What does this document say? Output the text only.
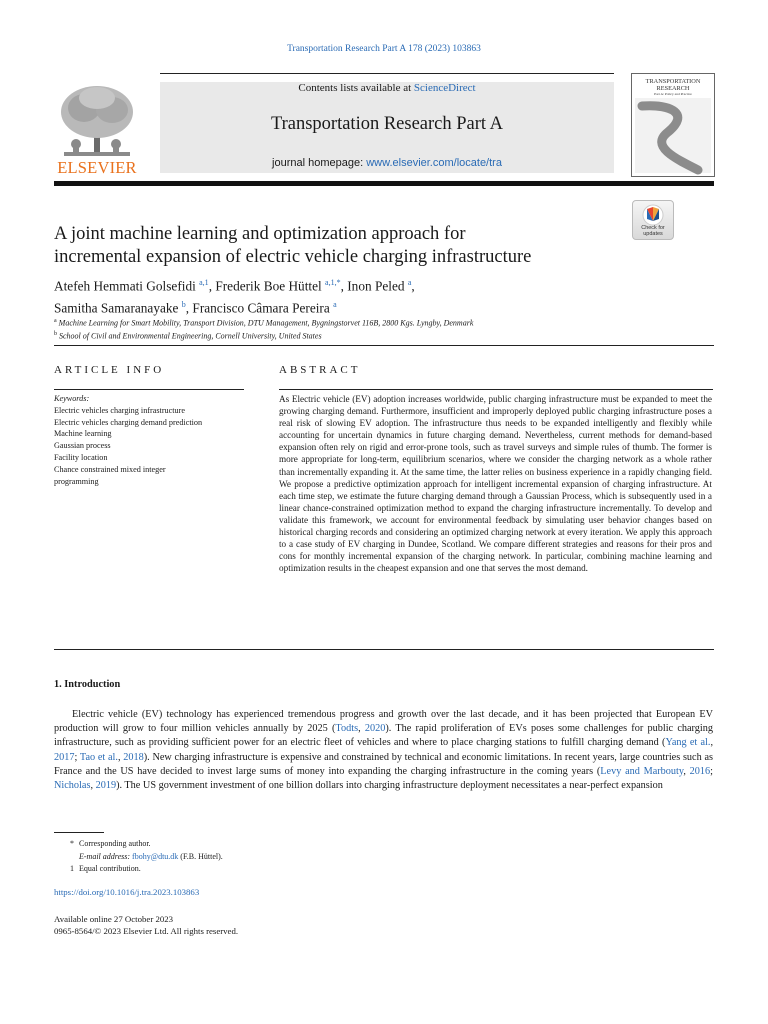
Transportation Research Part A 178 (2023) 103863
ELSEVIER
Contents lists available at ScienceDirect
Transportation Research Part A
journal homepage: www.elsevier.com/locate/tra
TRANSPORTATION
RESEARCH
Part A: Policy and Practice
Check for
updates
A joint machine learning and optimization approach for
incremental expansion of electric vehicle charging infrastructure
Atefeh Hemmati Golsefidi $^{a,1}$, Frederik Boe Hüttel $^{a,1,*}$, Inon Peled $^a$,
Samitha Samaranayake $^b$, Francisco Câmara Pereira $^a$
$^a$ Machine Learning for Smart Mobility, Transport Division, DTU Management, Bygningstorvet 116B, 2800 Kgs. Lyngby, Denmark
$^b$ School of Civil and Environmental Engineering, Cornell University, United States
ARTICLE INFO
Keywords:
Electric vehicles charging infrastructure
Electric vehicles charging demand prediction
Machine learning
Gaussian process
Facility location
Chance constrained mixed integer programming
ABSTRACT
As Electric vehicle (EV) adoption increases worldwide, public charging infrastructure must be expanded to meet the growing charging demand. Furthermore, insufficient and improperly deployed public charging infrastructure poses a real risk of slowing EV adoption. The infrastructure thus needs to be expanded intelligently and flexibly while accounting for uncertain dynamics in future charging demand. Nevertheless, current methods for demand-based expansion often rely on rigid and error-prone tools, such as travel surveys and simple rules of thumb. The former is more appropriate for long-term, equilibrium scenarios, where we consider the charging network as a whole rather than incrementally expanding it. At the same time, the latter relies on business experience in a rapidly changing field. We propose a predictive optimization approach for intelligent incremental expansion of charging infrastructure. At each time step, we estimate the future charging demand through a Gaussian Process, which is subsequently used in a linear chance-constrained optimization method to expand the charging infrastructure incrementally. To develop and validate this framework, we account for environmental feedback by simulating user behavior changes based on historical charging records and considering an optimized charging network at every iteration. We apply this approach to a case study of EV charging in Dundee, Scotland. We compare different strategies and reasons for their pros and cons for monthly incremental expansion of the charging network. In particular, combining machine learning and optimization results in the cheapest expansion and one that serves the most demand.
1. Introduction
Electric vehicle (EV) technology has experienced tremendous progress and growth over the last decade, and it has been projected that European EV production will grow to four million vehicles annually by 2025 (Todts, 2020). The rapid proliferation of EVs poses some challenges for public charging infrastructure, such as providing sufficient power for an electric fleet of vehicles and where to place charging stations to fulfill charging demand (Yang et al., 2017; Tao et al., 2018). New charging infrastructure is expensive and constrained by technical and economic limitations. In recent years, large countries such as France and the US have decided to invest large sums of money into expanding the charging infrastructure in the coming years (Levy and Marbouty, 2016; Nicholas, 2019). The US government investment of one billion dollars into charging infrastructure deployment necessitates a near-perfect expansion
* Corresponding author.
E-mail address: fbohy@dtu.dk (F.B. Hüttel).
1 Equal contribution.
https://doi.org/10.1016/j.tra.2023.103863
Available online 27 October 2023
0965-8564/© 2023 Elsevier Ltd. All rights reserved.
